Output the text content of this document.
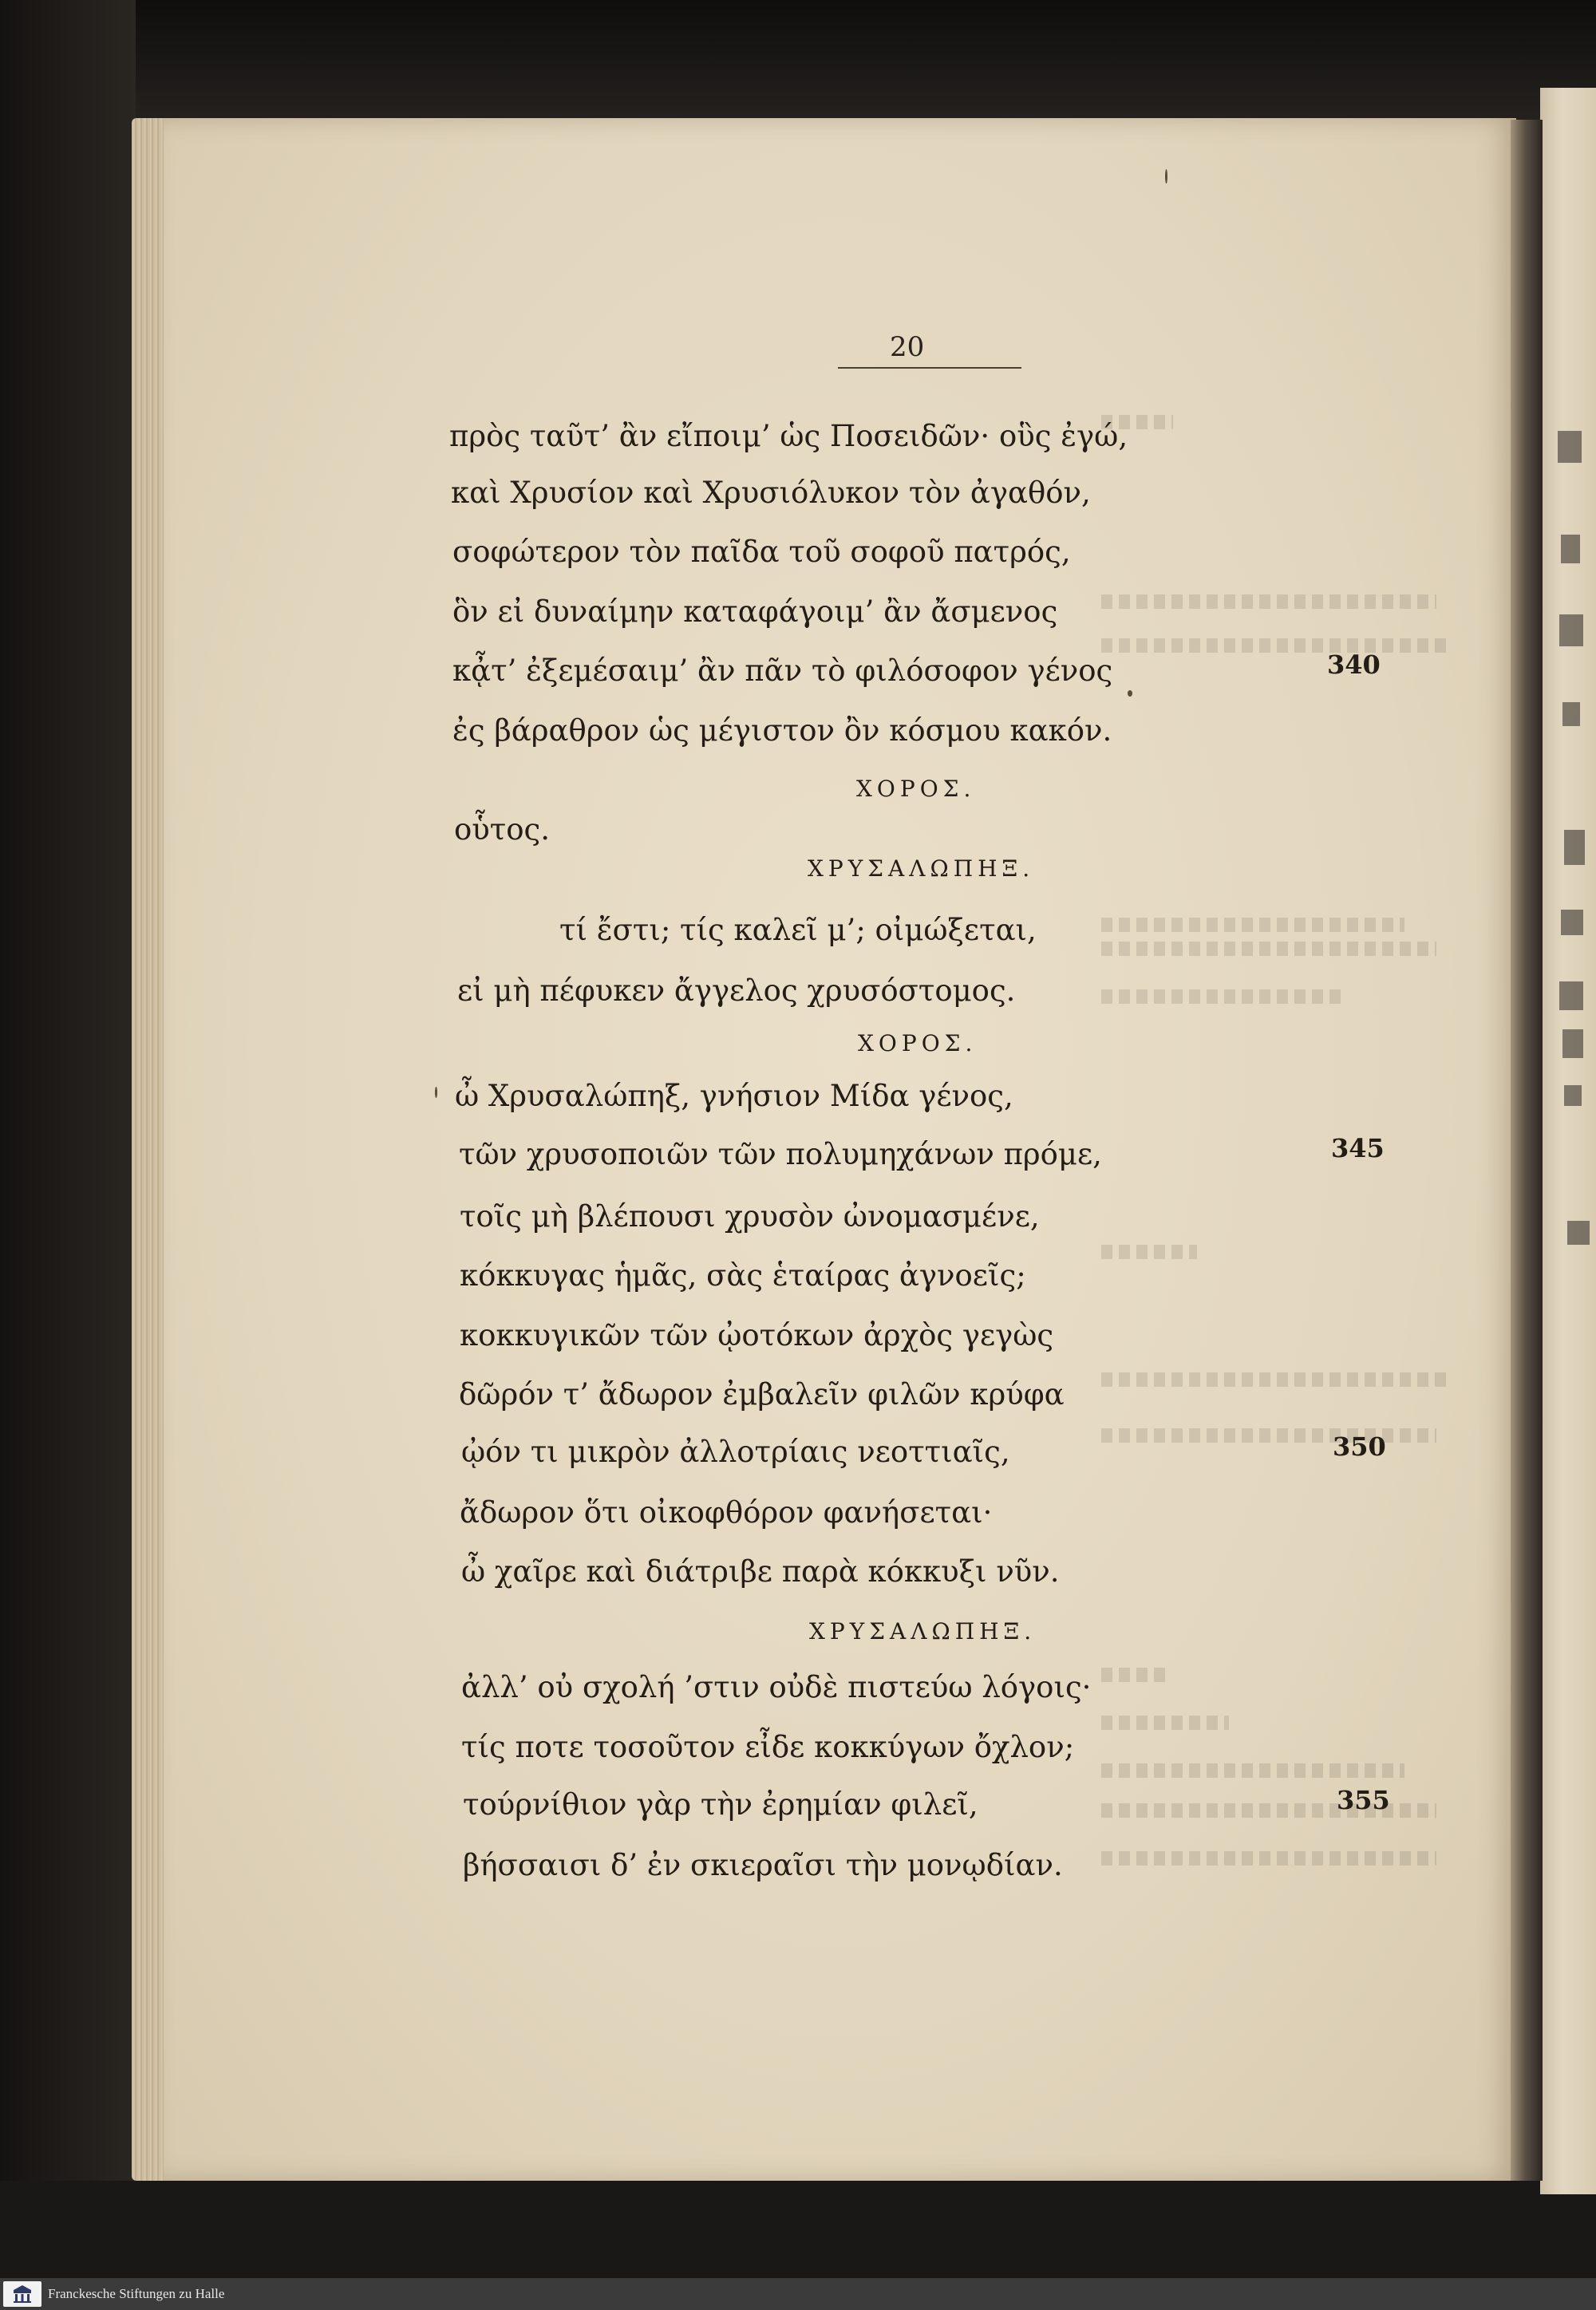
20
πρὸς ταῦτ’ ἂν εἴποιμ’ ὡς Ποσειδῶν· οὓς ἐγώ,
καὶ Χρυσίον καὶ Χρυσιόλυκον τὸν ἀγαθόν,
σοφώτερον τὸν παῖδα τοῦ σοφοῦ πατρός,
ὃν εἰ δυναίμην καταφάγοιμ’ ἂν ἄσμενος
κᾆτ’ ἐξεμέσαιμ’ ἂν πᾶν τὸ φιλόσοφον γένος	340
ἐς βάραθρον ὡς μέγιστον ὂν κόσμου κακόν.
ΧΟΡΟΣ.
οὗτος.
ΧΡΥΣΑΛΩΠΗΞ.
τί ἔστι; τίς καλεῖ μ’; οἰμώξεται,
εἰ μὴ πέφυκεν ἄγγελος χρυσόστομος.
ΧΟΡΟΣ.
ὦ Χρυσαλώπηξ, γνήσιον Μίδα γένος,
τῶν χρυσοποιῶν τῶν πολυμηχάνων πρόμε,	345
τοῖς μὴ βλέπουσι χρυσὸν ὠνομασμένε,
κόκκυγας ἡμᾶς, σὰς ἑταίρας ἀγνοεῖς;
κοκκυγικῶν τῶν ᾠοτόκων ἀρχὸς γεγὼς
δῶρόν τ’ ἄδωρον ἐμβαλεῖν φιλῶν κρύφα
ᾠόν τι μικρὸν ἀλλοτρίαις νεοττιαῖς,	350
ἄδωρον ὅτι οἰκοφθόρον φανήσεται·
ὦ χαῖρε καὶ διάτριβε παρὰ κόκκυξι νῦν.
ΧΡΥΣΑΛΩΠΗΞ.
ἀλλ’ οὐ σχολή ’στιν οὐδὲ πιστεύω λόγοις·
τίς ποτε τοσοῦτον εἶδε κοκκύγων ὄχλον;
τούρνίθιον γὰρ τὴν ἐρημίαν φιλεῖ,	355
βήσσαισι δ’ ἐν σκιεραῖσι τὴν μονῳδίαν.
Franckesche Stiftungen zu Halle
